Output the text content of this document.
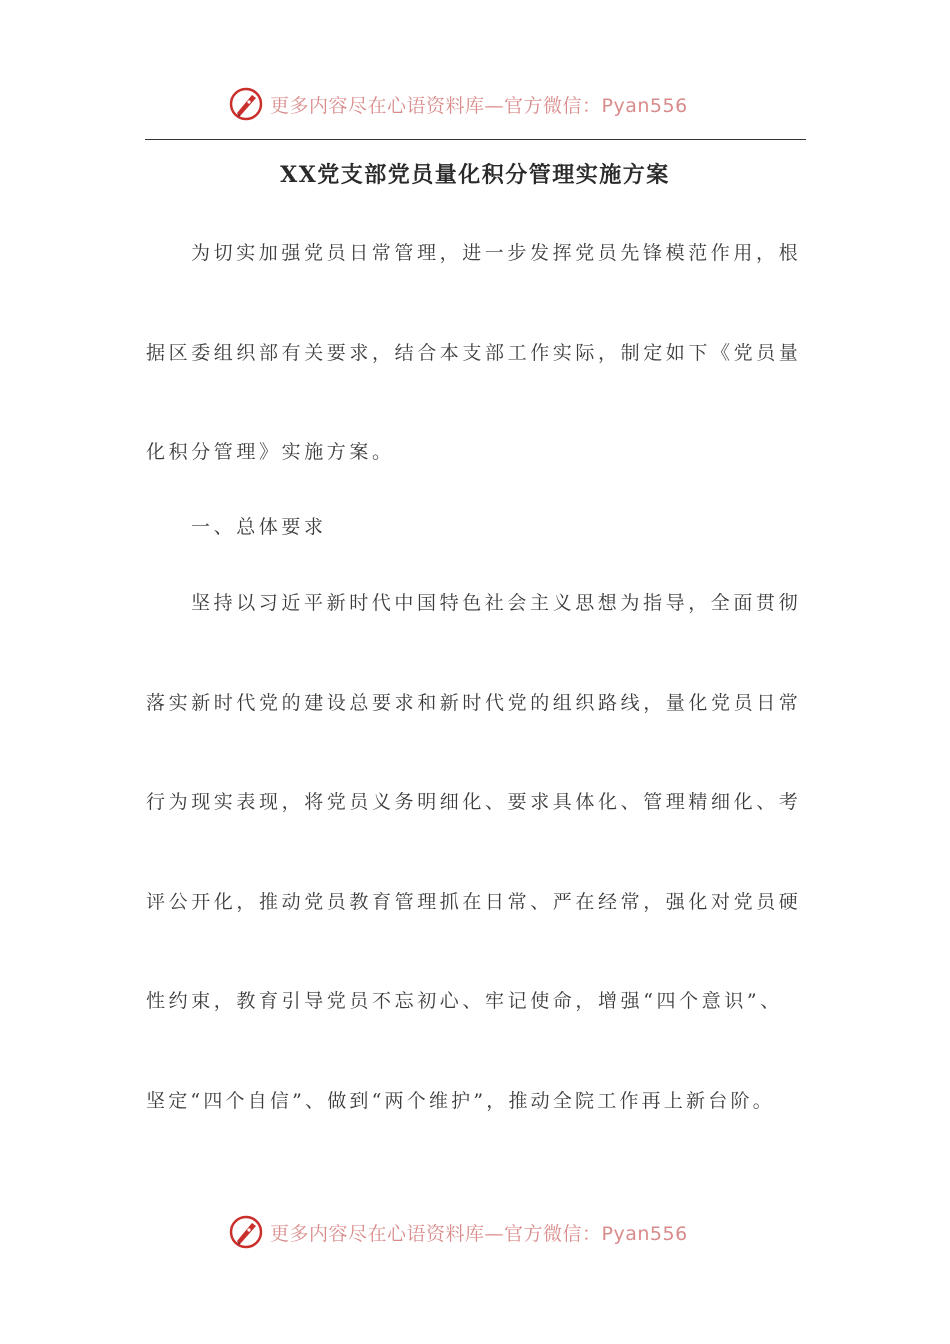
更多内容尽在心语资料库—官方微信：Pyan556
XX党支部党员量化积分管理实施方案

为切实加强党员日常管理，进一步发挥党员先锋模范作用，根

据区委组织部有关要求，结合本支部工作实际，制定如下《党员量

化积分管理》实施方案。

一、总体要求

坚持以习近平新时代中国特色社会主义思想为指导，全面贯彻

落实新时代党的建设总要求和新时代党的组织路线，量化党员日常

行为现实表现，将党员义务明细化、要求具体化、管理精细化、考

评公开化，推动党员教育管理抓在日常、严在经常，强化对党员硬

性约束，教育引导党员不忘初心、牢记使命，增强“四个意识”、

坚定“四个自信”、做到“两个维护”，推动全院工作再上新台阶。

更多内容尽在心语资料库—官方微信：Pyan556
